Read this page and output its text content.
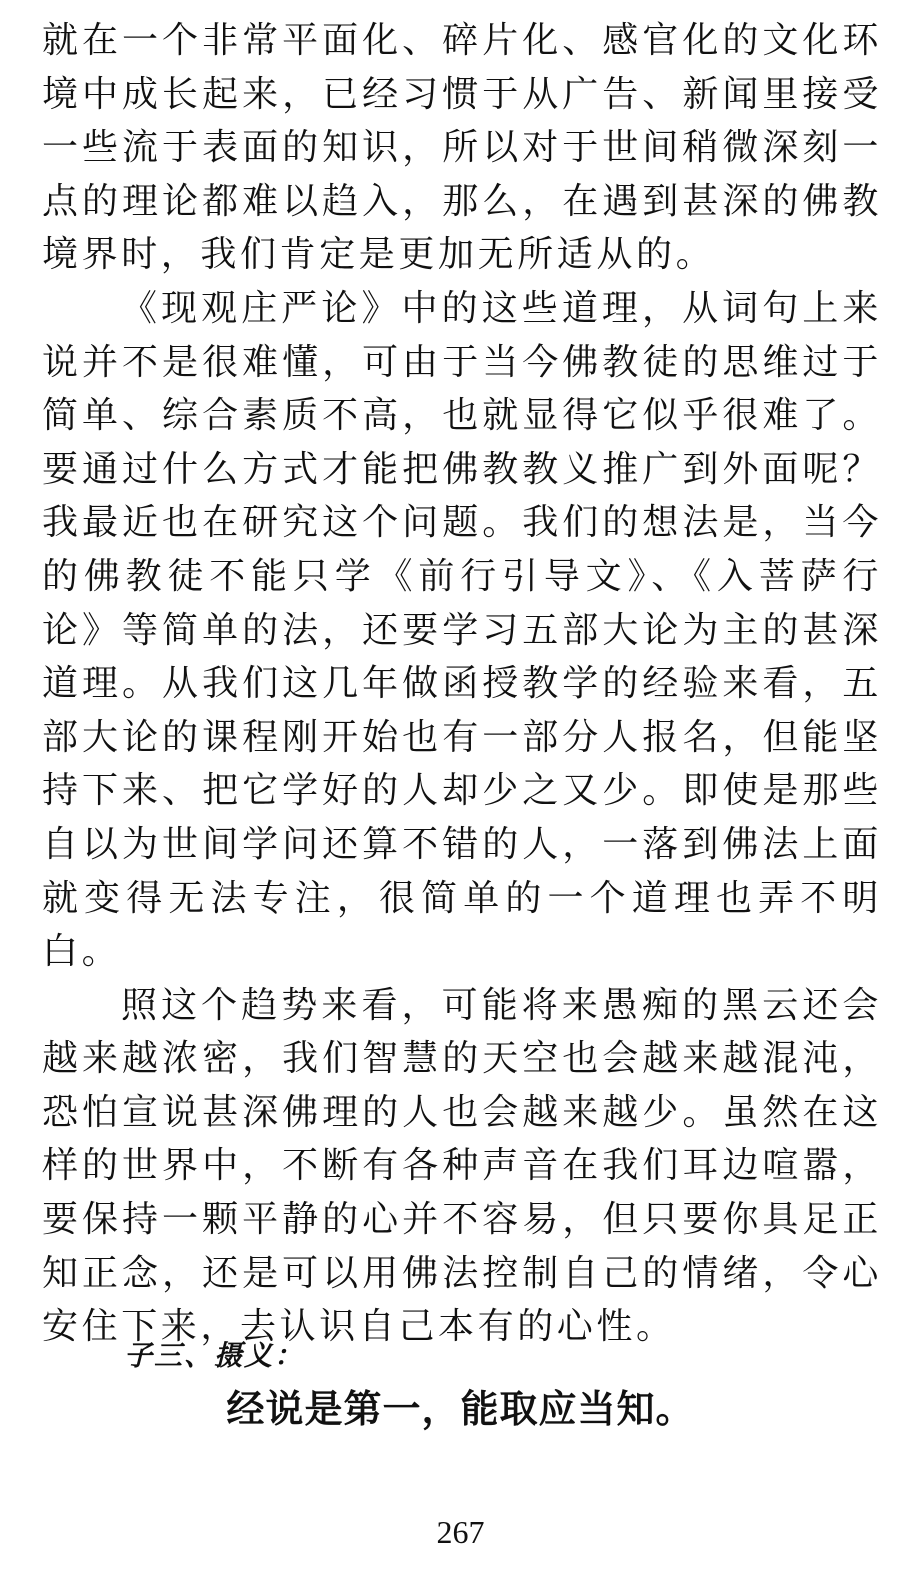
就在一个非常平面化、碎片化、感官化的文化环境中成长起来，已经习惯于从广告、新闻里接受一些流于表面的知识，所以对于世间稍微深刻一点的理论都难以趋入，那么，在遇到甚深的佛教境界时，我们肯定是更加无所适从的。

《现观庄严论》中的这些道理，从词句上来说并不是很难懂，可由于当今佛教徒的思维过于简单、综合素质不高，也就显得它似乎很难了。要通过什么方式才能把佛教教义推广到外面呢？我最近也在研究这个问题。我们的想法是，当今的佛教徒不能只学《前行引导文》、《入菩萨行论》等简单的法，还要学习五部大论为主的甚深道理。从我们这几年做函授教学的经验来看，五部大论的课程刚开始也有一部分人报名，但能坚持下来、把它学好的人却少之又少。即使是那些自以为世间学问还算不错的人，一落到佛法上面就变得无法专注，很简单的一个道理也弄不明白。

照这个趋势来看，可能将来愚痴的黑云还会越来越浓密，我们智慧的天空也会越来越混沌，恐怕宣说甚深佛理的人也会越来越少。虽然在这样的世界中，不断有各种声音在我们耳边喧嚣，要保持一颗平静的心并不容易，但只要你具足正知正念，还是可以用佛法控制自己的情绪，令心安住下来，去认识自己本有的心性。

子三、摄义：
经说是第一，能取应当知。
267
